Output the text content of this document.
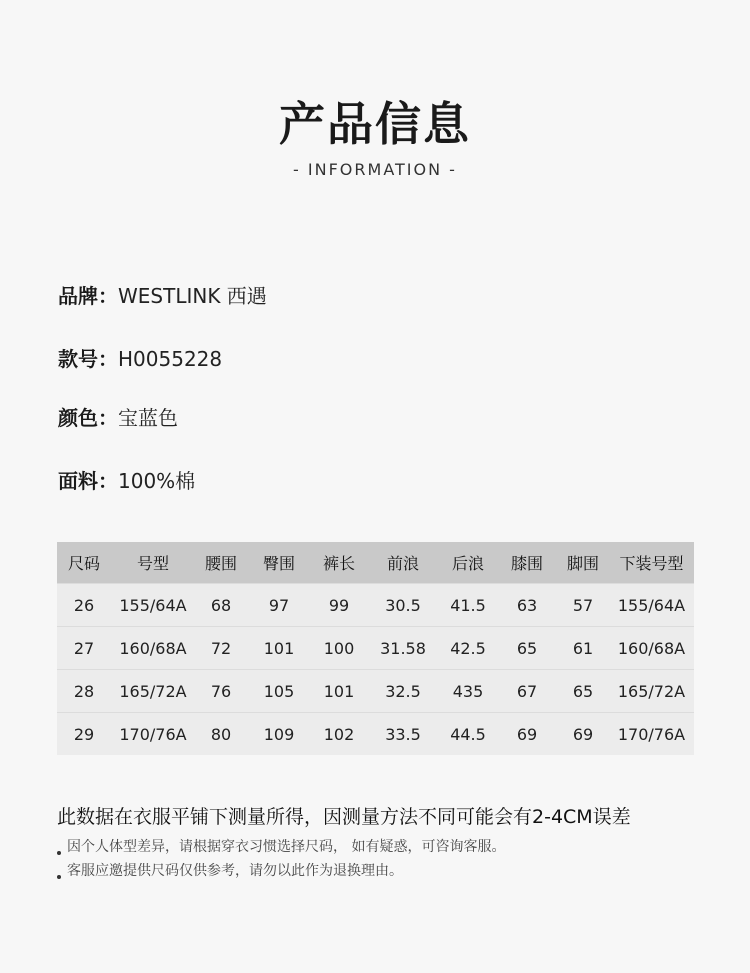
产品信息
- INFORMATION -
品牌：WESTLINK 西遇
款号：H0055228
颜色：宝蓝色
面料：100%棉
尺码	号型	腰围	臀围	裤长	前浪	后浪	膝围	脚围	下装号型
26	155/64A	68	97	99	30.5	41.5	63	57	155/64A
27	160/68A	72	101	100	31.58	42.5	65	61	160/68A
28	165/72A	76	105	101	32.5	435	67	65	165/72A
29	170/76A	80	109	102	33.5	44.5	69	69	170/76A
此数据在衣服平铺下测量所得，因测量方法不同可能会有2-4CM误差
因个人体型差异，请根据穿衣习惯选择尺码， 如有疑惑，可咨询客服。
客服应邀提供尺码仅供参考，请勿以此作为退换理由。
